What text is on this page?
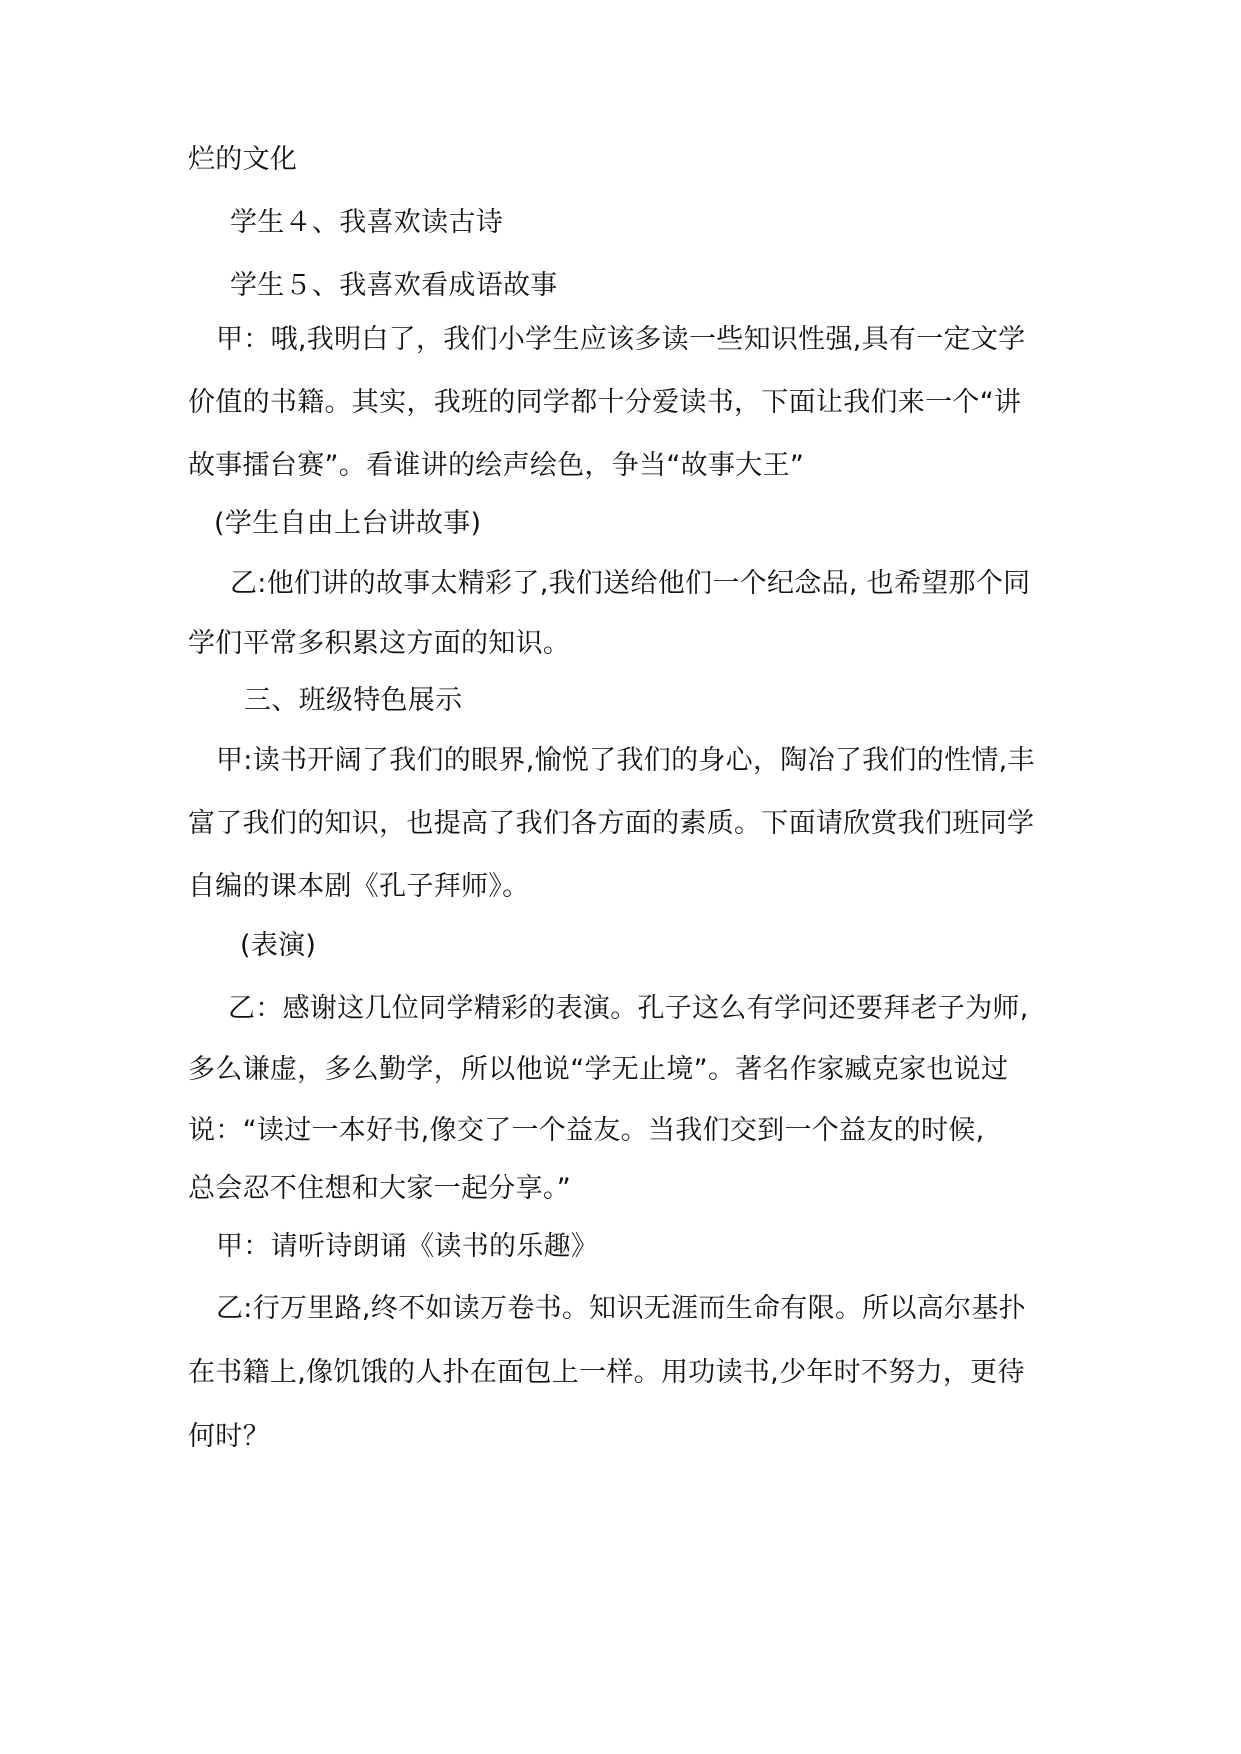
烂的文化
学生４、我喜欢读古诗
学生５、我喜欢看成语故事
甲：哦,我明白了，我们小学生应该多读一些知识性强,具有一定文学
价值的书籍。其实，我班的同学都十分爱读书，下面让我们来一个“讲
故事擂台赛”。看谁讲的绘声绘色，争当“故事大王”
(学生自由上台讲故事)
乙:他们讲的故事太精彩了,我们送给他们一个纪念品, 也希望那个同
学们平常多积累这方面的知识。
三、班级特色展示
甲:读书开阔了我们的眼界,愉悦了我们的身心，陶冶了我们的性情,丰
富了我们的知识，也提高了我们各方面的素质。下面请欣赏我们班同学
自编的课本剧《孔子拜师》。
(表演)
乙：感谢这几位同学精彩的表演。孔子这么有学问还要拜老子为师,
多么谦虚，多么勤学，所以他说“学无止境”。著名作家臧克家也说过
说：“读过一本好书,像交了一个益友。当我们交到一个益友的时候,
总会忍不住想和大家一起分享。”
甲：请听诗朗诵《读书的乐趣》
乙:行万里路,终不如读万卷书。知识无涯而生命有限。所以高尔基扑
在书籍上,像饥饿的人扑在面包上一样。用功读书,少年时不努力，更待
何时？
